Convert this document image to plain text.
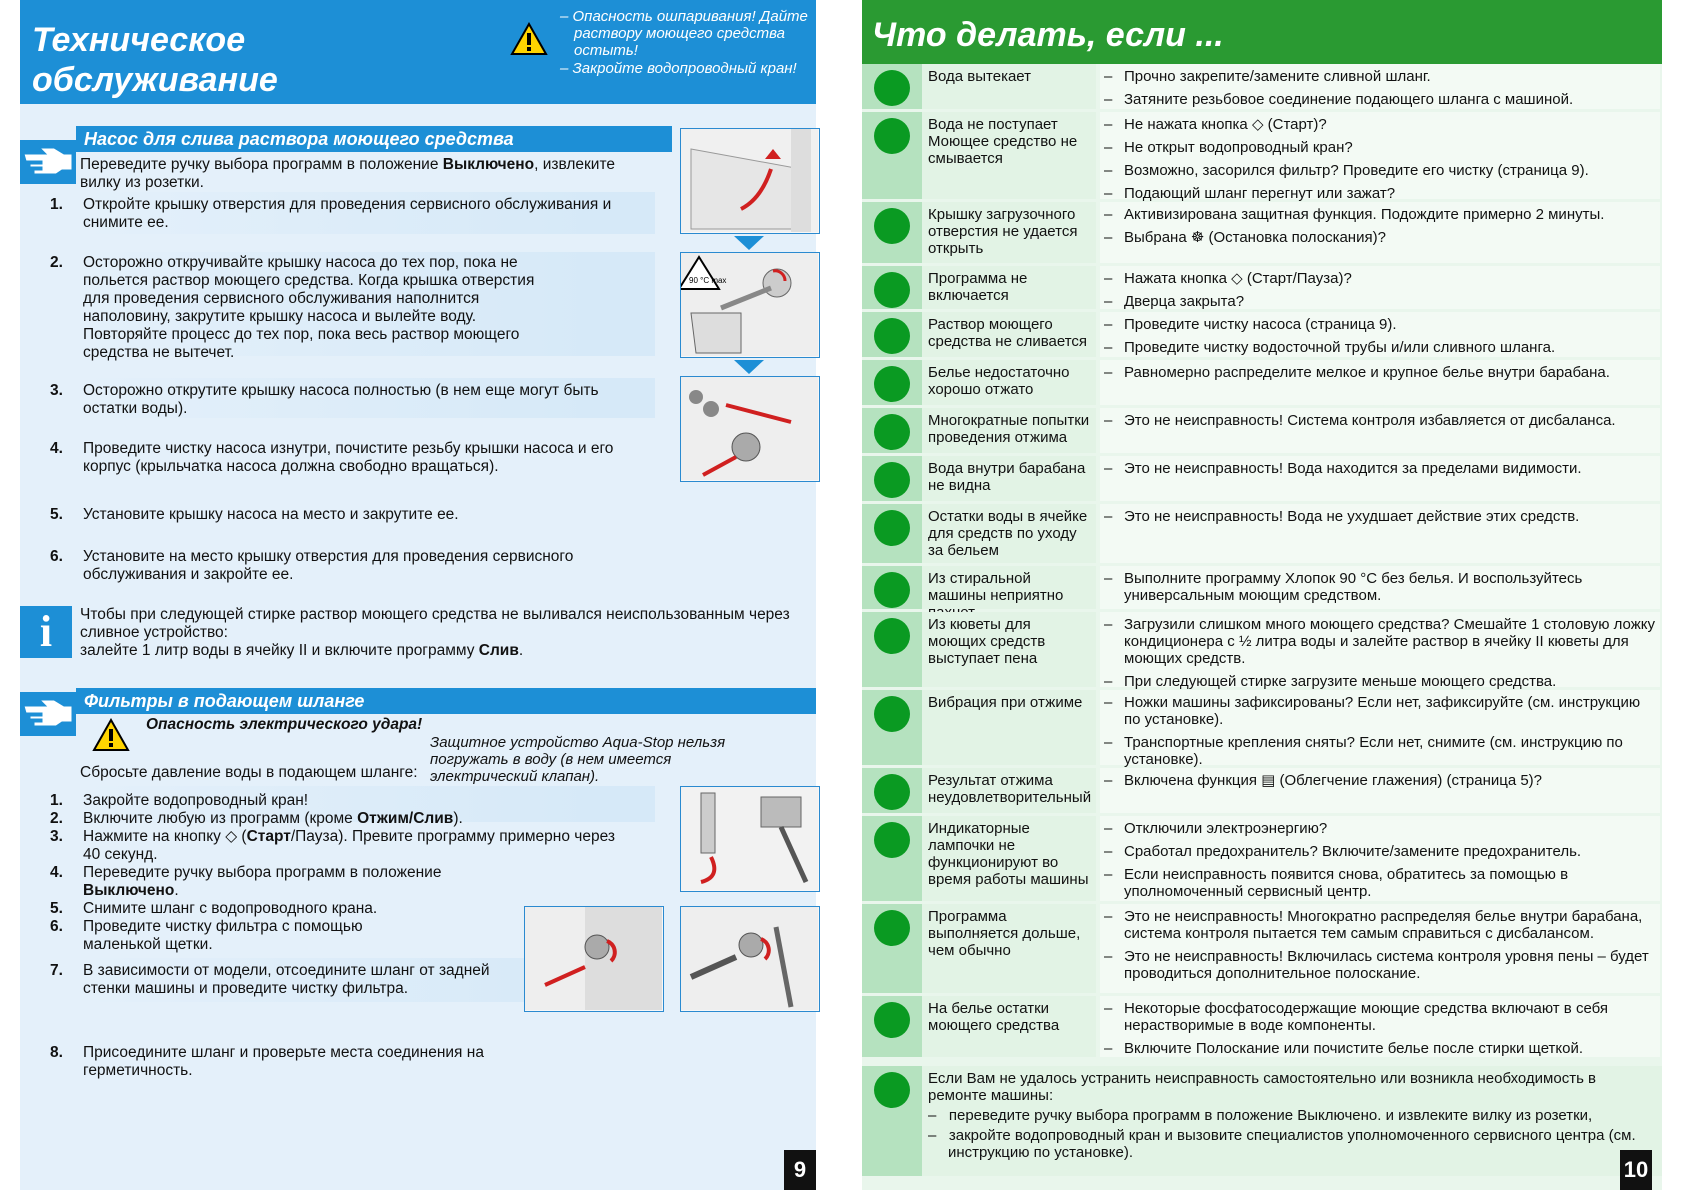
Техническое обслуживание
– Опасность ошпаривания! Дайте раствору моющего средства остыть!
– Закройте водопроводный кран!
Насос для слива раствора моющего средства
Переведите ручку выбора программ в положение Выключено, извлеките вилку из розетки.
1.	Откройте крышку отверстия для проведения сервисного обслуживания и снимите ее.
2.	Осторожно откручивайте крышку насоса до тех пор, пока не польется раствор моющего средства. Когда крышка отверстия для проведения сервисного обслуживания наполнится наполовину, закрутите крышку насоса и вылейте воду. Повторяйте процесс до тех пор, пока весь раствор моющего средства не вытечет.
3.	Осторожно открутите крышку насоса полностью (в нем еще могут быть остатки воды).
4.	Проведите чистку насоса изнутри, почистите резьбу крышки насоса и его корпус (крыльчатка насоса должна свободно вращаться).
5.	Установите крышку насоса на место и закрутите ее.
6.	Установите на место крышку отверстия для проведения сервисного обслуживания и закройте ее.
90 °C max
i	Чтобы при следующей стирке раствор моющего средства не выливался неиспользованным через сливное устройство:
залейте 1 литр воды в ячейку II и включите программу Слив.
Фильтры в подающем шланге
Опасность электрического удара!
Защитное устройство Aqua-Stop нельзя погружать в воду (в нем имеется электрический клапан).
Сбросьте давление воды в подающем шланге:
1.	Закройте водопроводный кран!
2.	Включите любую из программ (кроме Отжим/Слив).
3.	Нажмите на кнопку ◇ (Старт/Пауза). Превите программу примерно через 40 секунд.
4.	Переведите ручку выбора программ в положение Выключено.
5.	Снимите шланг с водопроводного крана.
6.	Проведите чистку фильтра с помощью маленькой щетки.
7.	В зависимости от модели, отсоедините шланг от задней стенки машины и проведите чистку фильтра.
8.	Присоедините шланг и проверьте места соединения на герметичность.
9
Что делать, если ...
Вода вытекает	– Прочно закрепите/замените сливной шланг.
– Затяните резьбовое соединение подающего шланга с машиной.
Вода не поступает Моющее средство не смывается
– Не нажата кнопка ◇ (Старт)?
– Не открыт водопроводный кран?
– Возможно, засорился фильтр? Проведите его чистку (страница 9).
– Подающий шланг перегнут или зажат?
Крышку загрузочного отверстия не удается открыть
– Активизирована защитная функция. Подождите примерно 2 минуты.
– Выбрана ☸ (Остановка полоскания)?
Программа не включается
– Нажата кнопка ◇ (Старт/Пауза)?
– Дверца закрыта?
Раствор моющего средства не сливается
– Проведите чистку насоса (страница 9).
– Проведите чистку водосточной трубы и/или сливного шланга.
Белье недостаточно хорошо отжато
– Равномерно распределите мелкое и крупное белье внутри барабана.
Многократные попытки проведения отжима
– Это не неисправность! Система контроля избавляется от дисбаланса.
Вода внутри барабана не видна
– Это не неисправность! Вода находится за пределами видимости.
Остатки воды в ячейке для средств по уходу за бельем
– Это не неисправность! Вода не ухудшает действие этих средств.
Из стиральной машины неприятно
– Выполните программу Хлопок 90 °C без белья. И воспользуйтесь универсальным моющим средством.
Из кюветы для моющих средств выступает пена
– Загрузили слишком много моющего средства? Смешайте 1 столовую ложку кондиционера с ½ литра воды и залейте раствор в ячейку II кюветы для моющих средств.
– При следующей стирке загрузите меньше моющего средства.
Вибрация при отжиме	– Ножки машины зафиксированы? Если нет, зафиксируйте (см. инструкцию по установке).
– Транспортные крепления сняты? Если нет, снимите (см. инструкцию по установке).
Результат отжима неудовлетворительный
– Включена функция ▤ (Облегчение глажения) (страница 5)?
Индикаторные лампочки не функционируют во время работы машины
– Отключили электроэнергию?
– Сработал предохранитель? Включите/замените предохранитель.
– Если неисправность появится снова, обратитесь за помощью в уполномоченный сервисный центр.
Программа выполняется дольше, чем обычно
– Это не неисправность! Многократно распределяя белье внутри барабана, система контроля пытается тем самым справиться с дисбалансом.
– Это не неисправность! Включилась система контроля уровня пены – будет проводиться дополнительное полоскание.
На белье остатки моющего средства
– Некоторые фосфатосодержащие моющие средства включают в себя нерастворимые в воде компоненты.
– Включите Полоскание или почистите белье после стирки щеткой.
Если Вам не удалось устранить неисправность самостоятельно или возникла необходимость в ремонте машины:
–   переведите ручку выбора программ в положение Выключено. и извлеките вилку из розетки,
–   закройте водопроводный кран и вызовите специалистов уполномоченного сервисного центра (см. инструкцию по установке).
10
